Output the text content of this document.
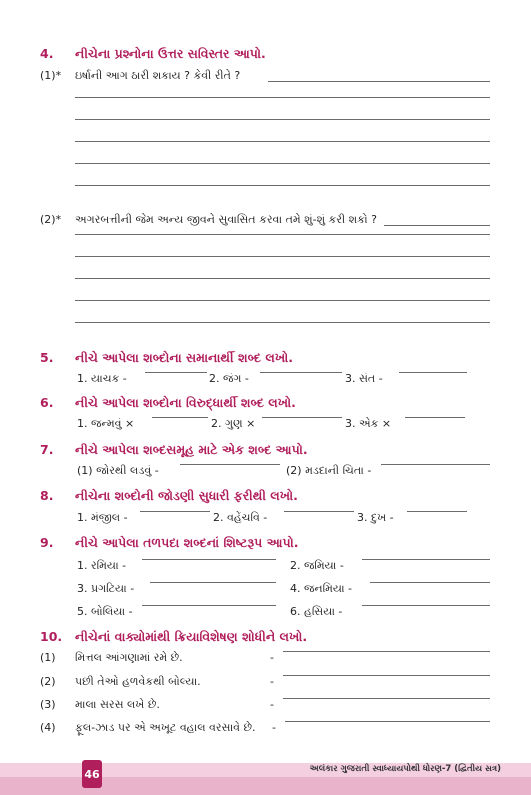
4. નીચેના પ્રશ્નોના ઉત્તર સવિસ્તર આપો.
(1)* ઇર્ષાની આગ ઠારી શકાય ? કેવી રીતે ?
(2)* અગરબત્તીની જેમ અન્ય જીવને સુવાસિત કરવા તમે શું-શું કરી શકો ?
5. નીચે આપેલા શબ્દોના સમાનાર્થી શબ્દ લખો.
1. યાચક -	2. જંગ -	3. સંત -
6. નીચે આપેલા શબ્દોના વિરુદ્ધાર્થી શબ્દ લખો.
1. જન્મવું ×	2. ગુણ ×	3. એક ×
7. નીચે આપેલા શબ્દસમૂહ માટે એક શબ્દ આપો.
(1) જોરથી લડવું -	(2) મડદાની ચિતા -
8. નીચેના શબ્દોની જોડણી સુધારી ફરીથી લખો.
1. મંજીલ -	2. વહેંચવિ -	3. દુખ -
9. નીચે આપેલા તળપદા શબ્દનાં શિષ્ટરૂપ આપો.
1. રમિયા -	2. જમિયા -
3. પ્રગટિયા -	4. જનમિયા -
5. બોલિયા -	6. હસિયા -
10. નીચેનાં વાક્યોમાંથી ક્રિયાવિશેષણ શોધીને લખો.
(1) મિત્તલ આંગણામાં રમે છે.	-
(2) પછી તેઓ હળવેકથી બોલ્યા.	-
(3) માલા સરસ લખે છે.	-
(4) ફૂલ-ઝાડ પર એ અખૂટ વહાલ વરસાવે છે. -
46	અલંકાર ગુજરાતી સ્વાધ્યાયપોથી ધોરણ-7 (દ્વિતીય સત્ર)
